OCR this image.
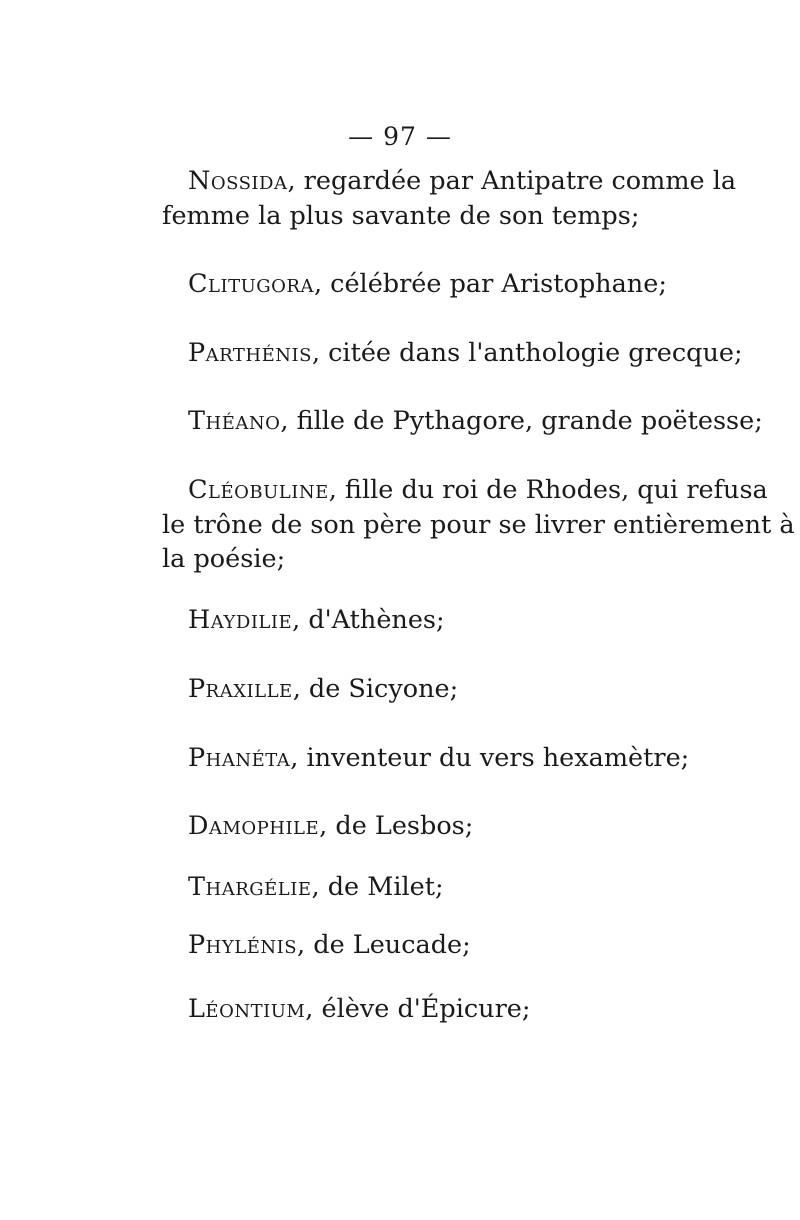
— 97 —
Nossida, regardée par Antipatre comme la
femme la plus savante de son temps;
Clitugora, célébrée par Aristophane;
Parthénis, citée dans l'anthologie grecque;
Théano, fille de Pythagore, grande poëtesse;
Cléobuline, fille du roi de Rhodes, qui refusa
le trône de son père pour se livrer entièrement à
la poésie;
Haydilie, d'Athènes;
Praxille, de Sicyone;
Phanéta, inventeur du vers hexamètre;
Damophile, de Lesbos;
Thargélie, de Milet;
Phylénis, de Leucade;
Léontium, élève d'Épicure;
